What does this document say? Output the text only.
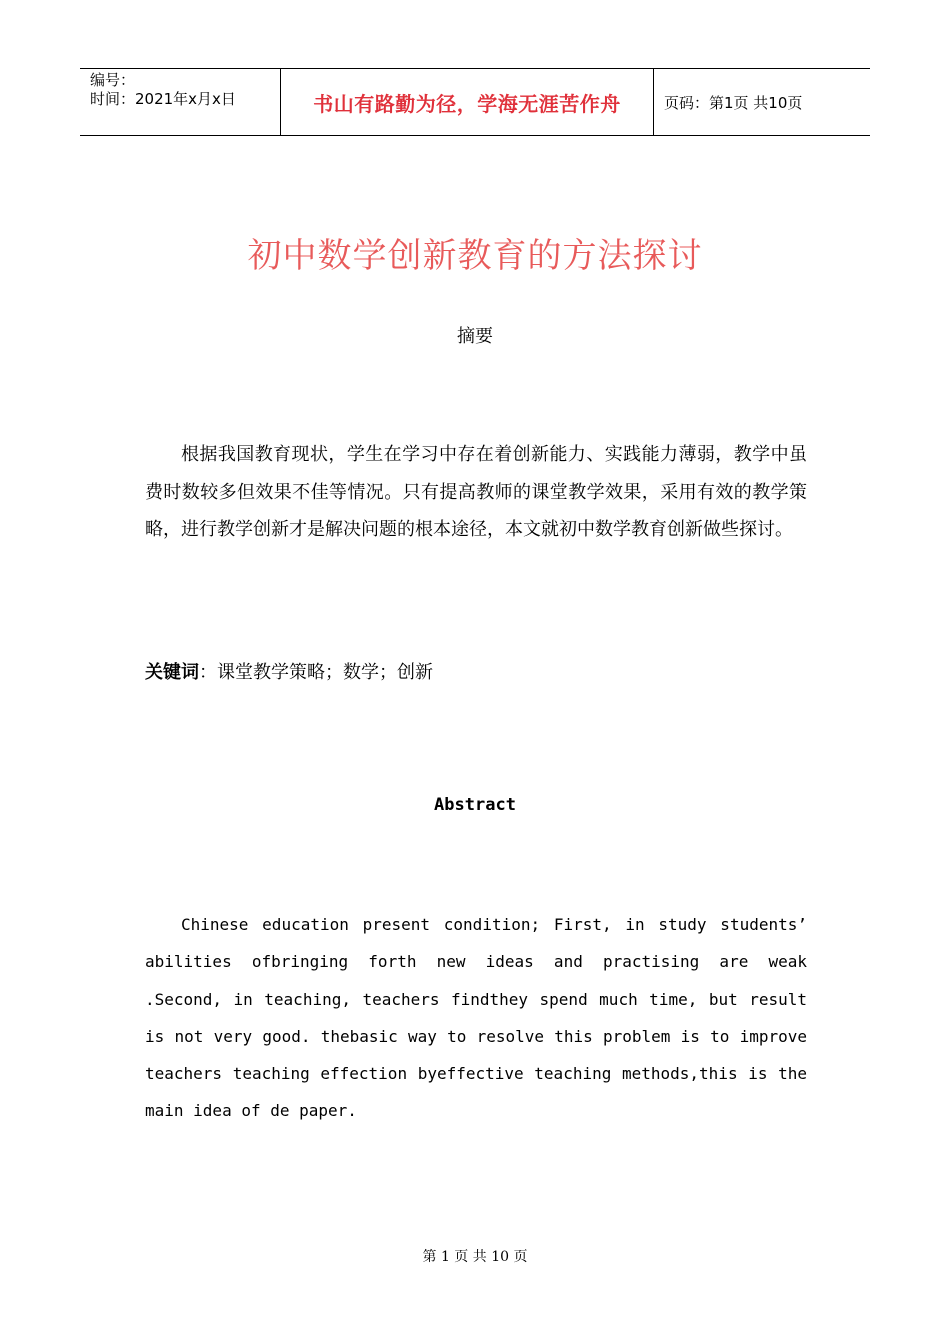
编号：
时间：2021年x月x日	书山有路勤为径，学海无涯苦作舟	页码：第1页 共10页
初中数学创新教育的方法探讨
摘要

根据我国教育现状，学生在学习中存在着创新能力、实践能力薄弱，教学中虽费时数较多但效果不佳等情况。只有提高教师的课堂教学效果，采用有效的教学策略，进行教学创新才是解决问题的根本途径，本文就初中数学教育创新做些探讨。

关键词：课堂教学策略；数学；创新
Abstract

Chinese education present condition; First, in study students’ abilities ofbringing forth new ideas and practising are weak .Second, in teaching, teachers findthey spend much time, but result is not very good. thebasic way to resolve this problem is to improve teachers teaching effection byeffective teaching methods,this is the main idea of de paper.

第 1 页 共 10 页
